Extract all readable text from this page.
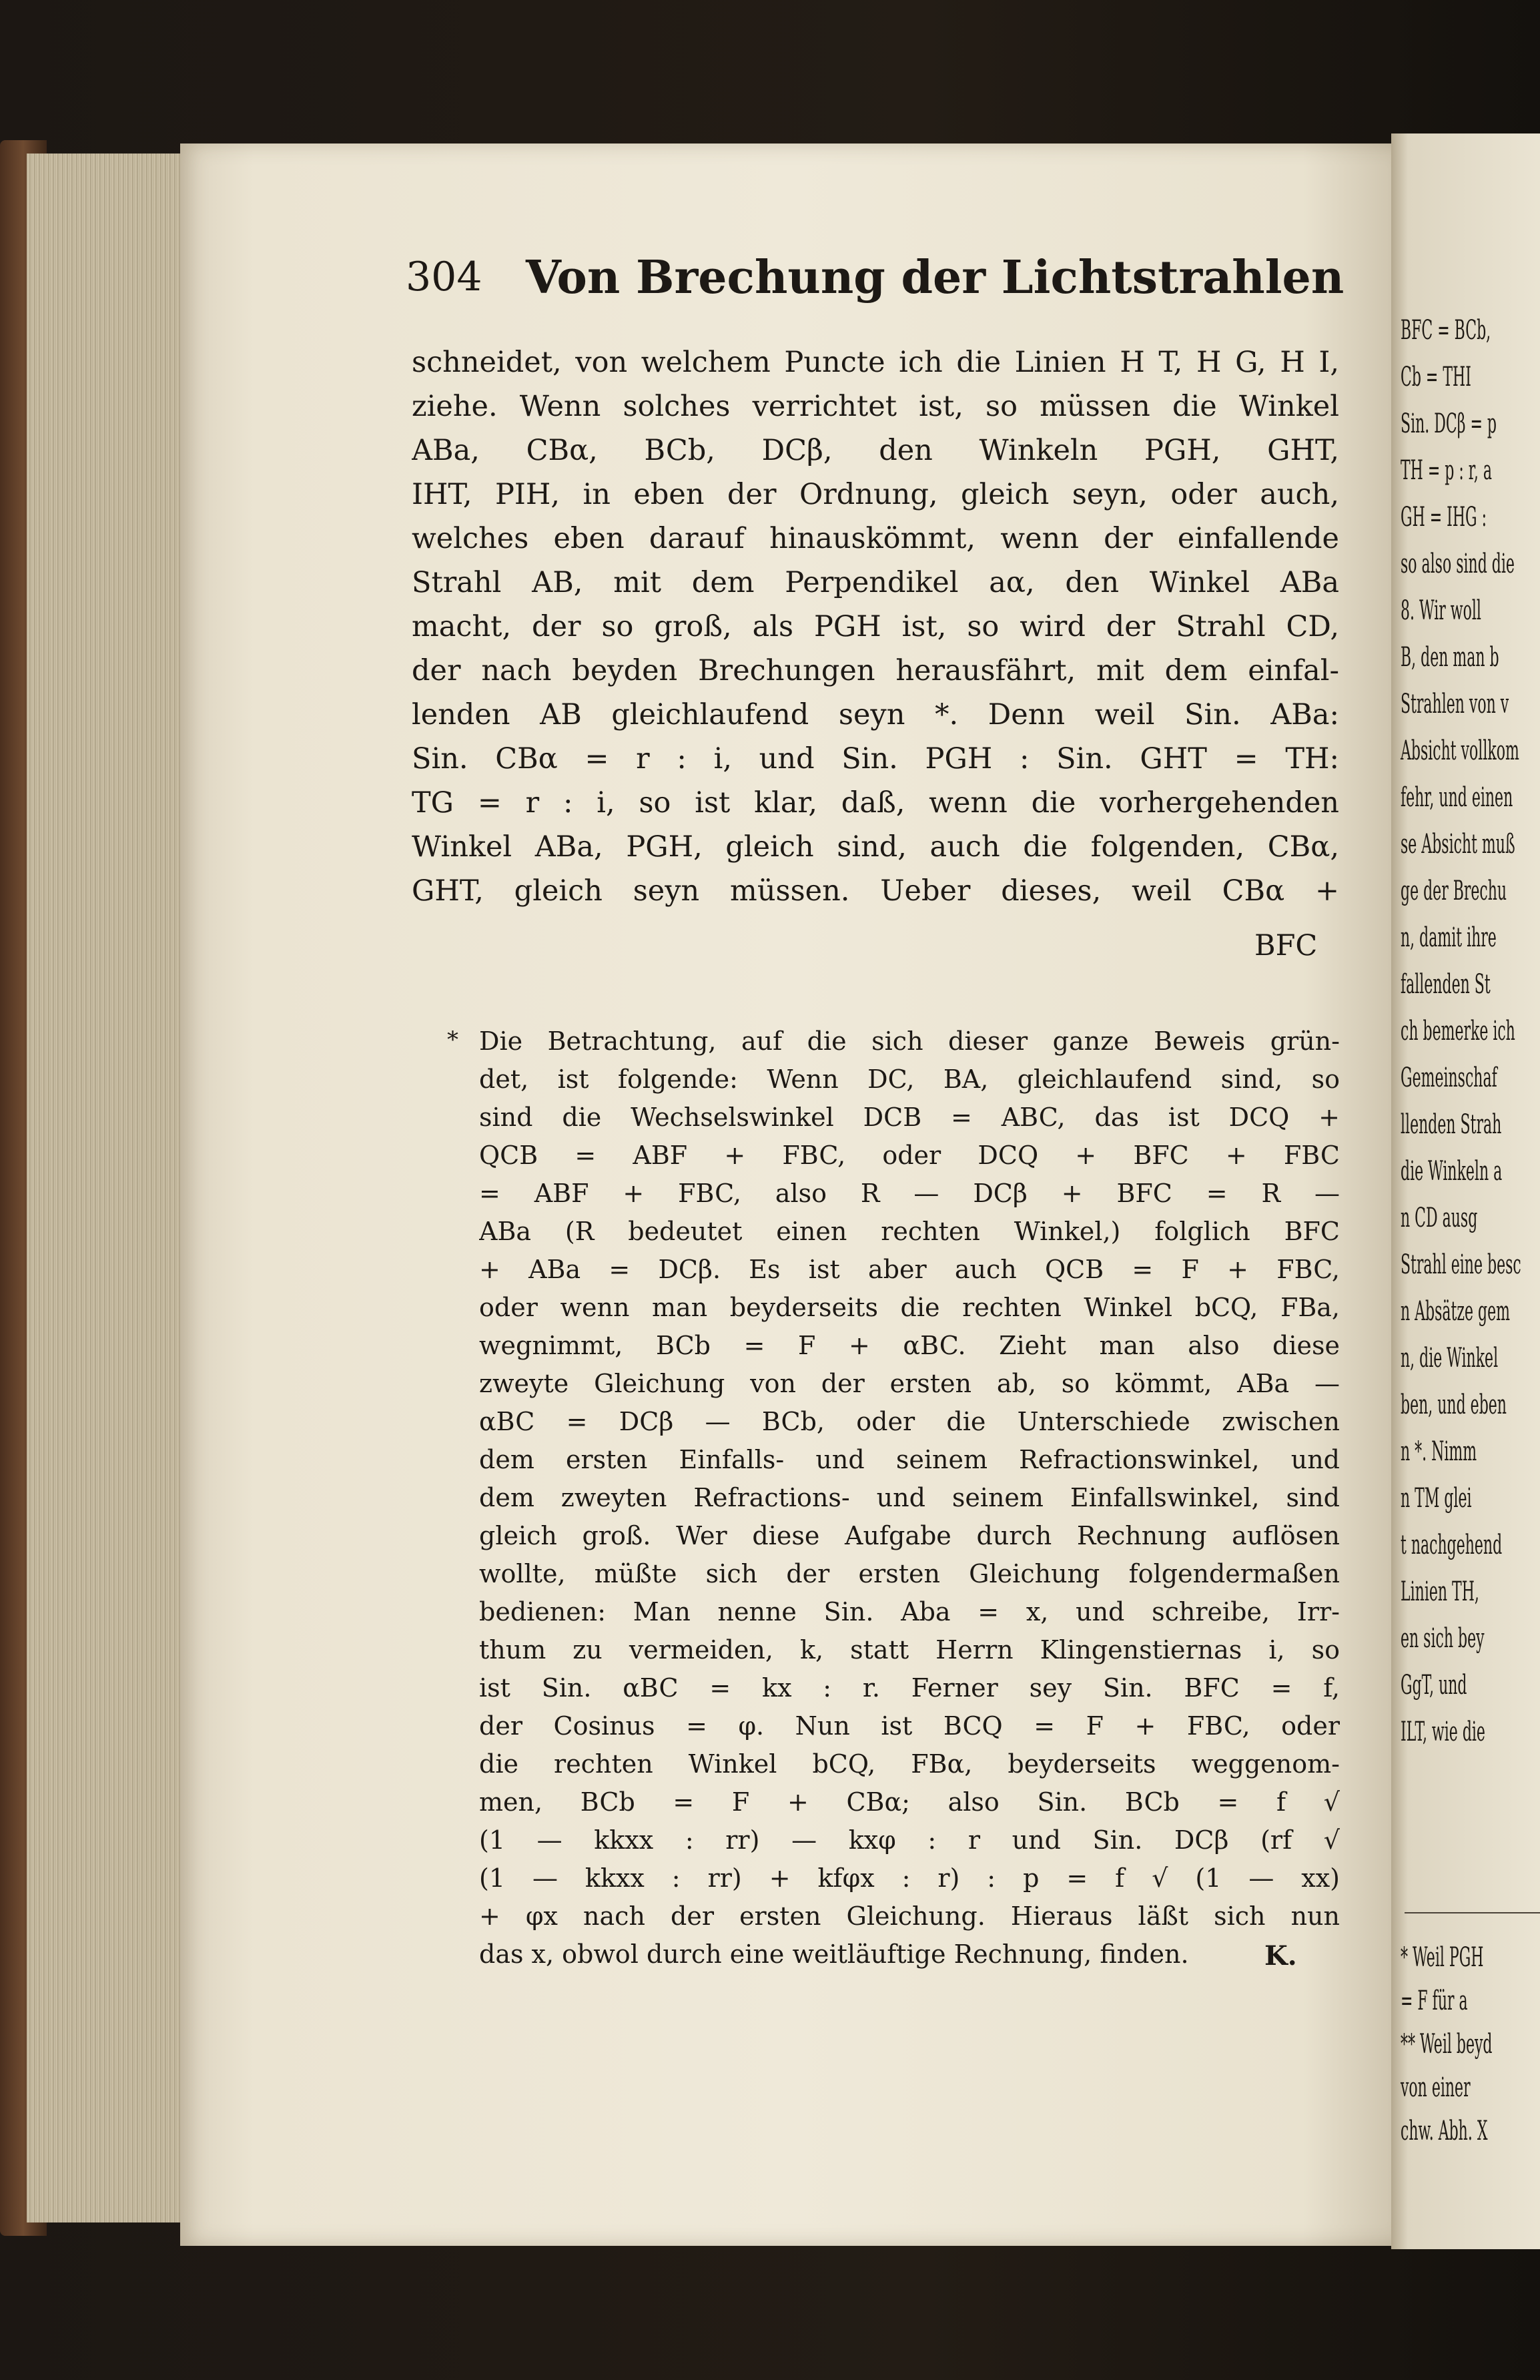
BFC = BCb,
Cb = THI
Sin. DCβ = p
TH = p : r, a
GH = IHG :
so also sind die
8. Wir woll
B, den man b
Strahlen von v
Absicht vollkom
fehr, und einen
se Absicht muß
ge der Brechu
n, damit ihre
fallenden St
ch bemerke ich
Gemeinschaf
llenden Strah
die Winkeln a
n CD ausg
Strahl eine besc
n Absätze gem
n, die Winkel
ben, und eben
n *. Nimm
n TM glei
t nachgehend
Linien TH,
en sich bey
GgT, und
ILT, wie die
* Weil PGH
= F für a
** Weil beyd
von einer
chw. Abh. X
304 Von Brechung der Lichtstrahlen
schneidet, von welchem Puncte ich die Linien H T, H G, H I,
ziehe. Wenn solches verrichtet ist, so müssen die Winkel
ABa, CBα, BCb, DCβ, den Winkeln PGH, GHT,
IHT, PIH, in eben der Ordnung, gleich seyn, oder auch,
welches eben darauf hinauskömmt, wenn der einfallende
Strahl AB, mit dem Perpendikel aα, den Winkel ABa
macht, der so groß, als PGH ist, so wird der Strahl CD,
der nach beyden Brechungen herausfährt, mit dem einfal-
lenden AB gleichlaufend seyn *. Denn weil Sin. ABa:
Sin. CBα = r : i, und Sin. PGH : Sin. GHT = TH:
TG = r : i, so ist klar, daß, wenn die vorhergehenden
Winkel ABa, PGH, gleich sind, auch die folgenden, CBα,
GHT, gleich seyn müssen. Ueber dieses, weil CBα +
BFC
* Die Betrachtung, auf die sich dieser ganze Beweis grün-
det, ist folgende: Wenn DC, BA, gleichlaufend sind, so
sind die Wechselswinkel DCB = ABC, das ist DCQ +
QCB = ABF + FBC, oder DCQ + BFC + FBC
= ABF + FBC, also R — DCβ + BFC = R —
ABa (R bedeutet einen rechten Winkel,) folglich BFC
+ ABa = DCβ. Es ist aber auch QCB = F + FBC,
oder wenn man beyderseits die rechten Winkel bCQ, FBa,
wegnimmt, BCb = F + αBC. Zieht man also diese
zweyte Gleichung von der ersten ab, so kömmt, ABa —
αBC = DCβ — BCb, oder die Unterschiede zwischen
dem ersten Einfalls- und seinem Refractionswinkel, und
dem zweyten Refractions- und seinem Einfallswinkel, sind
gleich groß. Wer diese Aufgabe durch Rechnung auflösen
wollte, müßte sich der ersten Gleichung folgendermaßen
bedienen: Man nenne Sin. Aba = x, und schreibe, Irr-
thum zu vermeiden, k, statt Herrn Klingenstiernas i, so
ist Sin. αBC = kx : r. Ferner sey Sin. BFC = f,
der Cosinus = φ. Nun ist BCQ = F + FBC, oder
die rechten Winkel bCQ, FBα, beyderseits weggenom-
men, BCb = F + CBα; also Sin. BCb = f √
(1 — kkxx : rr) — kxφ : r und Sin. DCβ (rf √
(1 — kkxx : rr) + kfφx : r) : p = f √ (1 — xx)
+ φx nach der ersten Gleichung. Hieraus läßt sich nun
das x, obwol durch eine weitläuftige Rechnung, finden.	K.
